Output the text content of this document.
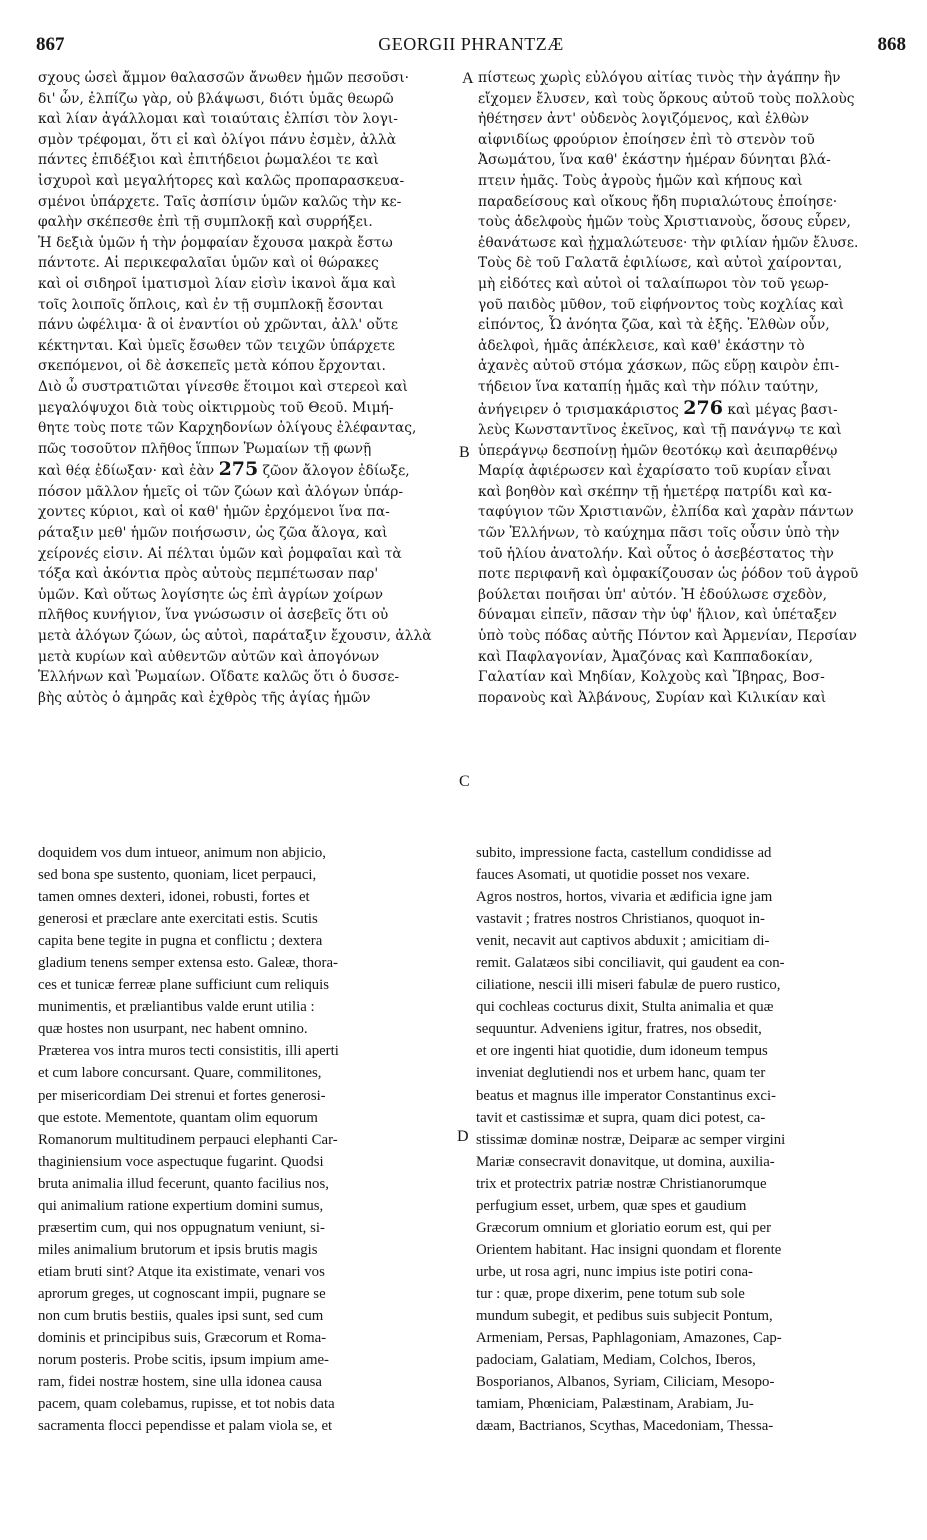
867	GEORGII PHRANTZÆ	868
σχους ὡσεὶ ἄμμον θαλασσῶν ἄνωθεν ἡμῶν πεσοῦσι·
δι' ὧν, ἐλπίζω γὰρ, οὐ βλάψωσι, διότι ὑμᾶς θεωρῶ
καὶ λίαν ἀγάλλομαι καὶ τοιαύταις ἐλπίσι τὸν λογι-
σμὸν τρέφομαι, ὅτι εἰ καὶ ὀλίγοι πάνυ ἐσμὲν, ἀλλὰ
πάντες ἐπιδέξιοι καὶ ἐπιτήδειοι ῥωμαλέοι τε καὶ
ἰσχυροὶ καὶ μεγαλήτορες καὶ καλῶς προπαρασκευα-
σμένοι ὑπάρχετε. Ταῖς ἀσπίσιν ὑμῶν καλῶς τὴν κε-
φαλὴν σκέπεσθε ἐπὶ τῇ συμπλοκῇ καὶ συρρήξει.
Ἡ δεξιὰ ὑμῶν ἡ τὴν ῥομφαίαν ἔχουσα μακρὰ ἔστω
πάντοτε. Αἱ περικεφαλαῖαι ὑμῶν καὶ οἱ θώρακες
καὶ οἱ σιδηροῖ ἱματισμοὶ λίαν εἰσὶν ἱκανοὶ ἅμα καὶ
τοῖς λοιποῖς ὅπλοις, καὶ ἐν τῇ συμπλοκῇ ἔσονται
πάνυ ὠφέλιμα· ἃ οἱ ἐναντίοι οὐ χρῶνται, ἀλλ' οὔτε
κέκτηνται. Καὶ ὑμεῖς ἔσωθεν τῶν τειχῶν ὑπάρχετε
σκεπόμενοι, οἱ δὲ ἀσκεπεῖς μετὰ κόπου ἔρχονται.
Διὸ ὦ συστρατιῶται γίνεσθε ἕτοιμοι καὶ στερεοὶ καὶ
μεγαλόψυχοι διὰ τοὺς οἰκτιρμοὺς τοῦ Θεοῦ. Μιμή-
θητε τοὺς ποτε τῶν Καρχηδονίων ὀλίγους ἐλέφαντας,
πῶς τοσοῦτον πλῆθος ἵππων Ῥωμαίων τῇ φωνῇ
καὶ θέᾳ ἐδίωξαν· καὶ ἐὰν 275 ζῶον ἄλογον ἐδίωξε,
πόσον μᾶλλον ἡμεῖς οἱ τῶν ζώων καὶ ἀλόγων ὑπάρ-
χοντες κύριοι, καὶ οἱ καθ' ἡμῶν ἐρχόμενοι ἵνα πα-
ράταξιν μεθ' ἡμῶν ποιήσωσιν, ὡς ζῶα ἄλογα, καὶ
χείρονές εἰσιν. Αἱ πέλται ὑμῶν καὶ ῥομφαῖαι καὶ τὰ
τόξα καὶ ἀκόντια πρὸς αὐτοὺς πεμπέτωσαν παρ'
ὑμῶν. Καὶ οὕτως λογίσητε ὡς ἐπὶ ἀγρίων χοίρων
πλῆθος κυνήγιον, ἵνα γνώσωσιν οἱ ἀσεβεῖς ὅτι οὐ
μετὰ ἀλόγων ζώων, ὡς αὐτοὶ, παράταξιν ἔχουσιν, ἀλλὰ
μετὰ κυρίων καὶ αὐθεντῶν αὐτῶν καὶ ἀπογόνων
Ἑλλήνων καὶ Ῥωμαίων. Οἴδατε καλῶς ὅτι ὁ δυσσε-
βὴς αὐτὸς ὁ ἀμηρᾶς καὶ ἐχθρὸς τῆς ἁγίας ἡμῶν
πίστεως χωρὶς εὐλόγου αἰτίας τινὸς τὴν ἀγάπην ἣν
εἴχομεν ἔλυσεν, καὶ τοὺς ὅρκους αὐτοῦ τοὺς πολλοὺς
ἠθέτησεν ἀντ' οὐδενὸς λογιζόμενος, καὶ ἐλθὼν
αἰφνιδίως φρούριον ἐποίησεν ἐπὶ τὸ στενὸν τοῦ
Ἀσωμάτου, ἵνα καθ' ἑκάστην ἡμέραν δύνηται βλά-
πτειν ἡμᾶς. Τοὺς ἀγροὺς ἡμῶν καὶ κήπους καὶ
παραδείσους καὶ οἴκους ἤδη πυριαλώτους ἐποίησε·
τοὺς ἀδελφοὺς ἡμῶν τοὺς Χριστιανοὺς, ὅσους εὗρεν,
ἐθανάτωσε καὶ ᾐχμαλώτευσε· τὴν φιλίαν ἡμῶν ἔλυσε.
Τοὺς δὲ τοῦ Γαλατᾶ ἐφιλίωσε, καὶ αὐτοὶ χαίρονται,
μὴ εἰδότες καὶ αὐτοὶ οἱ ταλαίπωροι τὸν τοῦ γεωρ-
γοῦ παιδὸς μῦθον, τοῦ εἰφήνοντος τοὺς κοχλίας καὶ
εἰπόντος, Ὦ ἀνόητα ζῶα, καὶ τὰ ἑξῆς. Ἐλθὼν οὖν,
ἀδελφοὶ, ἡμᾶς ἀπέκλεισε, καὶ καθ' ἑκάστην τὸ
ἀχανὲς αὐτοῦ στόμα χάσκων, πῶς εὕρῃ καιρὸν ἐπι-
τήδειον ἵνα καταπίῃ ἡμᾶς καὶ τὴν πόλιν ταύτην,
ἀνήγειρεν ὁ τρισμακάριστος 276 καὶ μέγας βασι-
λεὺς Κωνσταντῖνος ἐκεῖνος, καὶ τῇ πανάγνῳ τε καὶ
ὑπεράγνῳ δεσποίνῃ ἡμῶν θεοτόκῳ καὶ ἀειπαρθένῳ
Μαρίᾳ ἀφιέρωσεν καὶ ἐχαρίσατο τοῦ κυρίαν εἶναι
καὶ βοηθὸν καὶ σκέπην τῇ ἡμετέρᾳ πατρίδι καὶ κα-
ταφύγιον τῶν Χριστιανῶν, ἐλπίδα καὶ χαρὰν πάντων
τῶν Ἑλλήνων, τὸ καύχημα πᾶσι τοῖς οὖσιν ὑπὸ τὴν
τοῦ ἡλίου ἀνατολήν. Καὶ οὗτος ὁ ἀσεβέστατος τὴν
ποτε περιφανῆ καὶ ὀμφακίζουσαν ὡς ῥόδον τοῦ ἀγροῦ
βούλεται ποιῆσαι ὑπ' αὐτόν. Ἡ ἐδούλωσε σχεδὸν,
δύναμαι εἰπεῖν, πᾶσαν τὴν ὑφ' ἥλιον, καὶ ὑπέταξεν
ὑπὸ τοὺς πόδας αὐτῆς Πόντον καὶ Ἀρμενίαν, Περσίαν
καὶ Παφλαγονίαν, Ἀμαζόνας καὶ Καππαδοκίαν,
Γαλατίαν καὶ Μηδίαν, Κολχοὺς καὶ Ἴβηρας, Βοσ-
πορανοὺς καὶ Ἀλβάνους, Συρίαν καὶ Κιλικίαν καὶ
doquidem vos dum intueor, animum non abjicio,
sed bona spe sustento, quoniam, licet perpauci,
tamen omnes dexteri, idonei, robusti, fortes et
generosi et præclare ante exercitati estis. Scutis
capita bene tegite in pugna et conflictu ; dextera
gladium tenens semper extensa esto. Galeæ, thora-
ces et tunicæ ferreæ plane sufficiunt cum reliquis
munimentis, et præliantibus valde erunt utilia :
quæ hostes non usurpant, nec habent omnino.
Præterea vos intra muros tecti consistitis, illi aperti
et cum labore concursant. Quare, commilitones,
per misericordiam Dei strenui et fortes generosi-
que estote. Mementote, quantam olim equorum
Romanorum multitudinem perpauci elephanti Car-
thaginiensium voce aspectuque fugarint. Quodsi
bruta animalia illud fecerunt, quanto facilius nos,
qui animalium ratione expertium domini sumus,
præsertim cum, qui nos oppugnatum veniunt, si-
miles animalium brutorum et ipsis brutis magis
etiam bruti sint? Atque ita existimate, venari vos
aprorum greges, ut cognoscant impii, pugnare se
non cum brutis bestiis, quales ipsi sunt, sed cum
dominis et principibus suis, Græcorum et Roma-
norum posteris. Probe scitis, ipsum impium ame-
ram, fidei nostræ hostem, sine ulla idonea causa
pacem, quam colebamus, rupisse, et tot nobis data
sacramenta flocci pependisse et palam viola se, et
subito, impressione facta, castellum condidisse ad
fauces Asomati, ut quotidie posset nos vexare.
Agros nostros, hortos, vivaria et ædificia igne jam
vastavit ; fratres nostros Christianos, quoquot in-
venit, necavit aut captivos abduxit ; amicitiam di-
remit. Galatæos sibi conciliavit, qui gaudent ea con-
ciliatione, nescii illi miseri fabulæ de puero rustico,
qui cochleas cocturus dixit, Stulta animalia et quæ
sequuntur. Adveniens igitur, fratres, nos obsedit,
et ore ingenti hiat quotidie, dum idoneum tempus
inveniat deglutiendi nos et urbem hanc, quam ter
beatus et magnus ille imperator Constantinus exci-
tavit et castissimæ et supra, quam dici potest, ca-
stissimæ dominæ nostræ, Deiparæ ac semper virgini
Mariæ consecravit donavitque, ut domina, auxilia-
trix et protectrix patriæ nostræ Christianorumque
perfugium esset, urbem, quæ spes et gaudium
Græcorum omnium et gloriatio eorum est, qui per
Orientem habitant. Hac insigni quondam et florente
urbe, ut rosa agri, nunc impius iste potiri cona-
tur : quæ, prope dixerim, pene totum sub sole
mundum subegit, et pedibus suis subjecit Pontum,
Armeniam, Persas, Paphlagoniam, Amazones, Cap-
padociam, Galatiam, Mediam, Colchos, Iberos,
Bosporianos, Albanos, Syriam, Ciliciam, Mesopo-
tamiam, Phœniciam, Palæstinam, Arabiam, Ju-
dæam, Bactrianos, Scythas, Macedoniam, Thessa-
A
B
C
D
